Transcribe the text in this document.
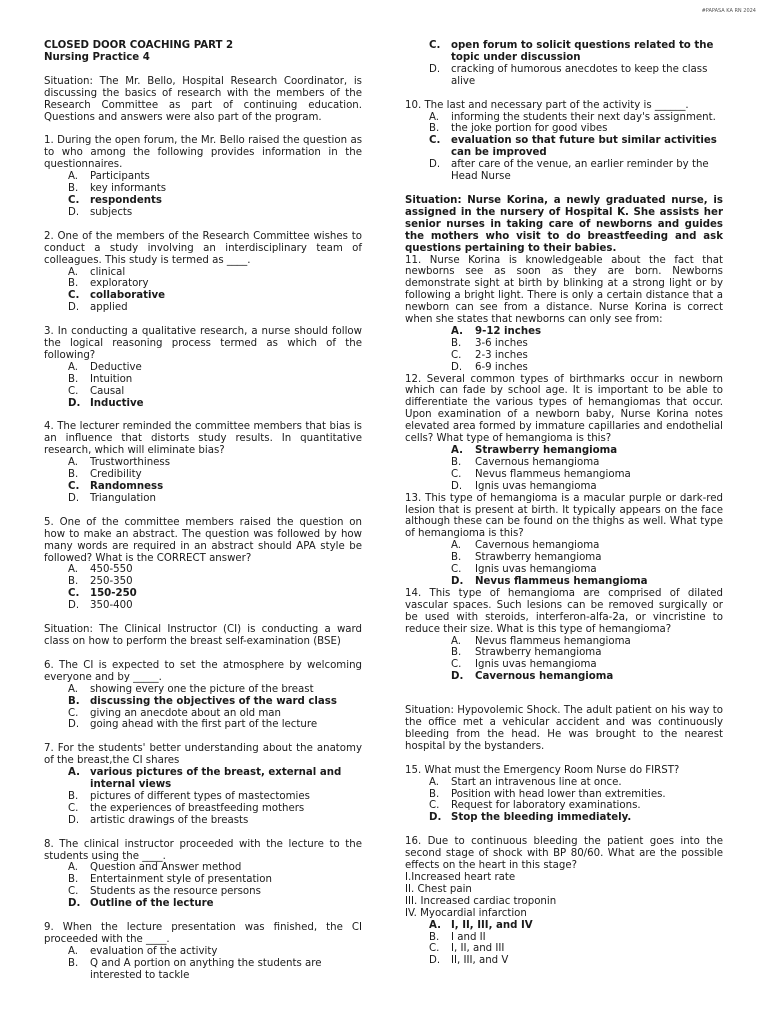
#PAPASA KA RN 2024
CLOSED DOOR COACHING PART 2
Nursing Practice 4
Situation: The Mr. Bello, Hospital Research Coordinator, is discussing the basics of research with the members of the Research Committee as part of continuing education. Questions and answers were also part of the program.
1. During the open forum, the Mr. Bello raised the question as to who among the following provides information in the questionnaires.
A. Participants
B. key informants
C. respondents
D. subjects
2. One of the members of the Research Committee wishes to conduct a study involving an interdisciplinary team of colleagues. This study is termed as ____.
A. clinical
B. exploratory
C. collaborative
D. applied
3. In conducting a qualitative research, a nurse should follow the logical reasoning process termed as which of the following?
A. Deductive
B. Intuition
C. Causal
D. Inductive
4. The lecturer reminded the committee members that bias is an influence that distorts study results. In quantitative research, which will eliminate bias?
A. Trustworthiness
B. Credibility
C. Randomness
D. Triangulation
5. One of the committee members raised the question on how to make an abstract. The question was followed by how many words are required in an abstract should APA style be followed? What is the CORRECT answer?
A. 450-550
B. 250-350
C. 150-250
D. 350-400
Situation: The Clinical Instructor (CI) is conducting a ward class on how to perform the breast self-examination (BSE)
6. The CI is expected to set the atmosphere by welcoming everyone and by _____.
A. showing every one the picture of the breast
B. discussing the objectives of the ward class
C. giving an anecdote about an old man
D. going ahead with the first part of the lecture
7. For the students' better understanding about the anatomy of the breast,the CI shares
A. various pictures of the breast, external and internal views
B. pictures of different types of mastectomies
C. the experiences of breastfeeding mothers
D. artistic drawings of the breasts
8. The clinical instructor proceeded with the lecture to the students using the ____.
A. Question and Answer method
B. Entertainment style of presentation
C. Students as the resource persons
D. Outline of the lecture
9. When the lecture presentation was finished, the CI proceeded with the ____.
A. evaluation of the activity
B. Q and A portion on anything the students are interested to tackle
C. open forum to solicit questions related to the topic under discussion
D. cracking of humorous anecdotes to keep the class alive
10. The last and necessary part of the activity is ______.
A. informing the students their next day's assignment.
B. the joke portion for good vibes
C. evaluation so that future but similar activities can be improved
D. after care of the venue, an earlier reminder by the Head Nurse
Situation: Nurse Korina, a newly graduated nurse, is assigned in the nursery of Hospital K. She assists her senior nurses in taking care of newborns and guides the mothers who visit to do breastfeeding and ask questions pertaining to their babies.
11. Nurse Korina is knowledgeable about the fact that newborns see as soon as they are born. Newborns demonstrate sight at birth by blinking at a strong light or by following a bright light. There is only a certain distance that a newborn can see from a distance. Nurse Korina is correct when she states that newborns can only see from:
A. 9-12 inches
B. 3-6 inches
C. 2-3 inches
D. 6-9 inches
12. Several common types of birthmarks occur in newborn which can fade by school age. It is important to be able to differentiate the various types of hemangiomas that occur. Upon examination of a newborn baby, Nurse Korina notes elevated area formed by immature capillaries and endothelial cells? What type of hemangioma is this?
A. Strawberry hemangioma
B. Cavernous hemangioma
C. Nevus flammeus hemangioma
D. Ignis uvas hemangioma
13. This type of hemangioma is a macular purple or dark-red lesion that is present at birth. It typically appears on the face although these can be found on the thighs as well. What type of hemangioma is this?
A. Cavernous hemangioma
B. Strawberry hemangioma
C. Ignis uvas hemangioma
D. Nevus flammeus hemangioma
14. This type of hemangioma are comprised of dilated vascular spaces. Such lesions can be removed surgically or be used with steroids, interferon-alfa-2a, or vincristine to reduce their size. What is this type of hemangioma?
A. Nevus flammeus hemangioma
B. Strawberry hemangioma
C. Ignis uvas hemangioma
D. Cavernous hemangioma
Situation: Hypovolemic Shock. The adult patient on his way to the office met a vehicular accident and was continuously bleeding from the head. He was brought to the nearest hospital by the bystanders.
15. What must the Emergency Room Nurse do FIRST?
A. Start an intravenous line at once.
B. Position with head lower than extremities.
C. Request for laboratory examinations.
D. Stop the bleeding immediately.
16. Due to continuous bleeding the patient goes into the second stage of shock with BP 80/60. What are the possible effects on the heart in this stage?
I.Increased heart rate
II. Chest pain
III. Increased cardiac troponin
IV. Myocardial infarction
A. I, II, III, and IV
B. I and II
C. I, II, and III
D. II, III, and V
